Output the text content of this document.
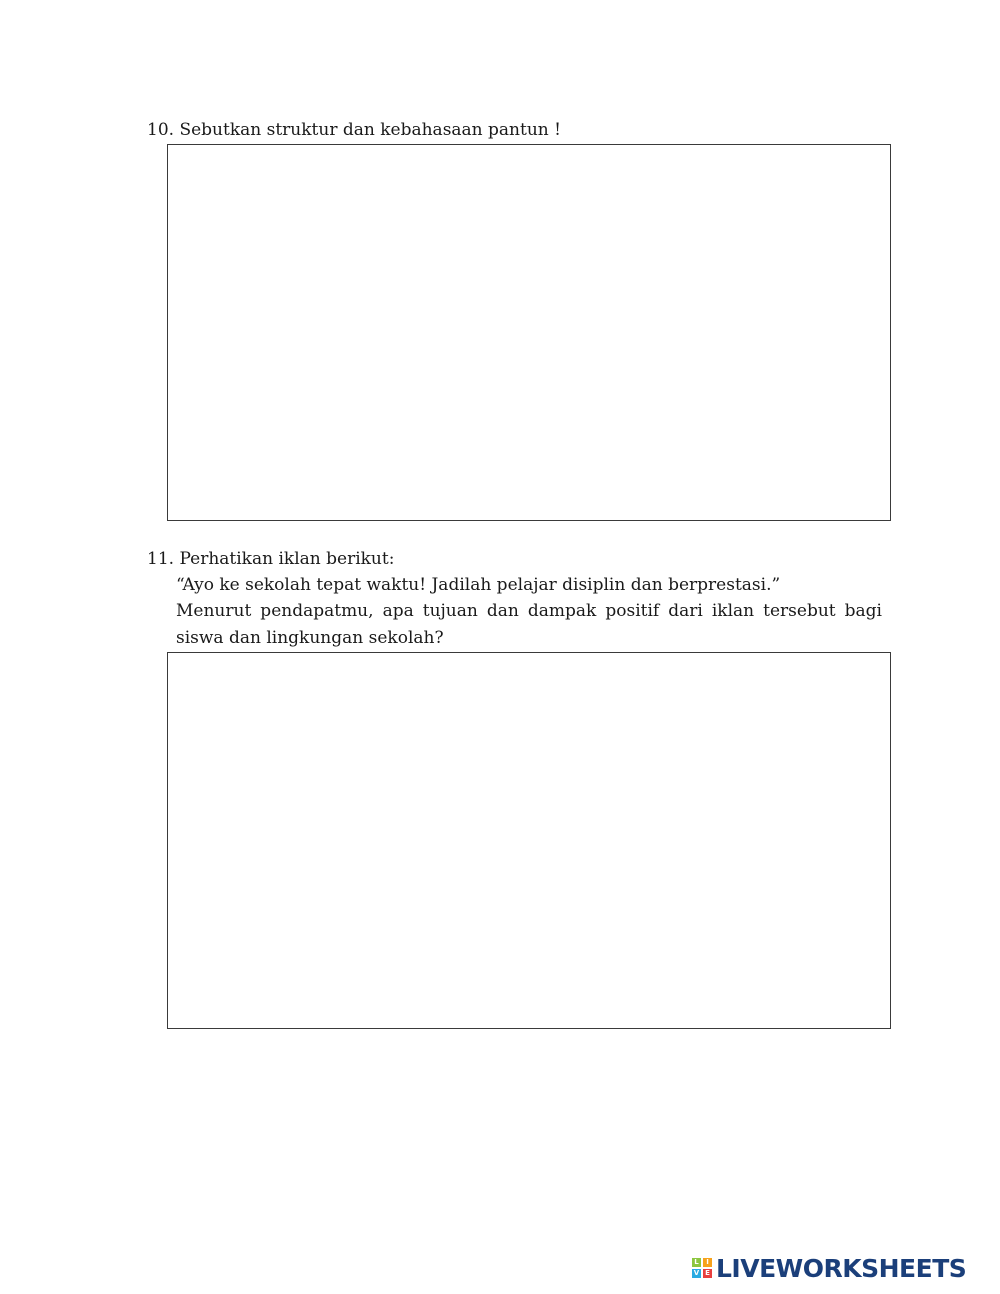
10. Sebutkan struktur dan kebahasaan pantun !
11. Perhatikan iklan berikut:
“Ayo ke sekolah tepat waktu! Jadilah pelajar disiplin dan berprestasi.”
Menurut pendapatmu, apa tujuan dan dampak positif dari iklan tersebut bagi siswa dan lingkungan sekolah?
L	I
V E LIVEWORKSHEETS
